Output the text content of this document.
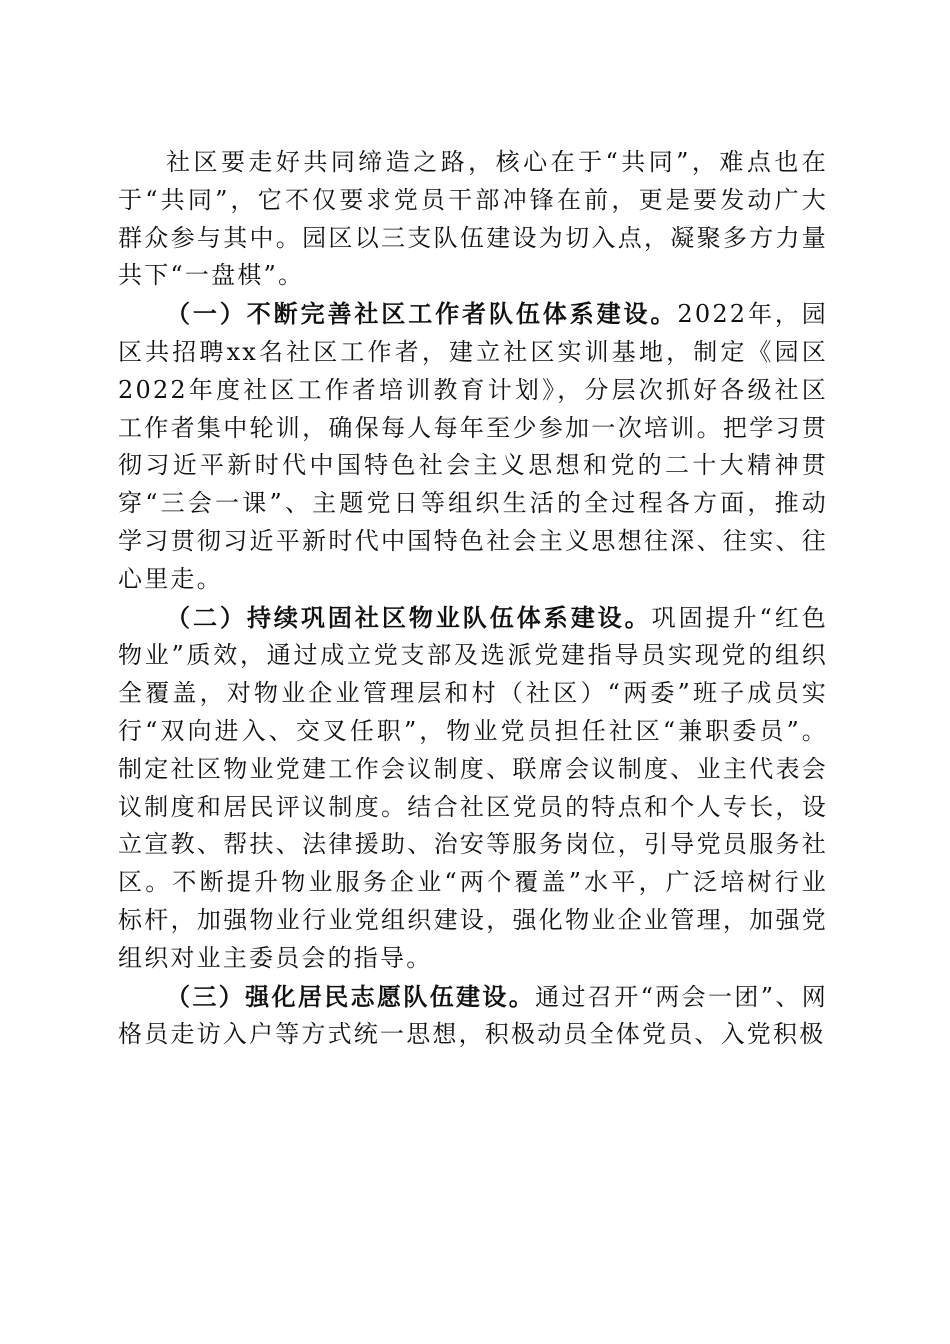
社区要走好共同缔造之路，核心在于“共同”，难点也在于“共同”，它不仅要求党员干部冲锋在前，更是要发动广大群众参与其中。园区以三支队伍建设为切入点，凝聚多方力量共下“一盘棋”。

（一）不断完善社区工作者队伍体系建设。2022年，园区共招聘xx名社区工作者，建立社区实训基地，制定《园区2022年度社区工作者培训教育计划》，分层次抓好各级社区工作者集中轮训，确保每人每年至少参加一次培训。把学习贯彻习近平新时代中国特色社会主义思想和党的二十大精神贯穿“三会一课”、主题党日等组织生活的全过程各方面，推动学习贯彻习近平新时代中国特色社会主义思想往深、往实、往心里走。

（二）持续巩固社区物业队伍体系建设。巩固提升“红色物业”质效，通过成立党支部及选派党建指导员实现党的组织全覆盖，对物业企业管理层和村（社区）“两委”班子成员实行“双向进入、交叉任职”，物业党员担任社区“兼职委员”。制定社区物业党建工作会议制度、联席会议制度、业主代表会议制度和居民评议制度。结合社区党员的特点和个人专长，设立宣教、帮扶、法律援助、治安等服务岗位，引导党员服务社区。不断提升物业服务企业“两个覆盖”水平，广泛培树行业标杆，加强物业行业党组织建设，强化物业企业管理，加强党组织对业主委员会的指导。

（三）强化居民志愿队伍建设。通过召开“两会一团”、网格员走访入户等方式统一思想，积极动员全体党员、入党积极
